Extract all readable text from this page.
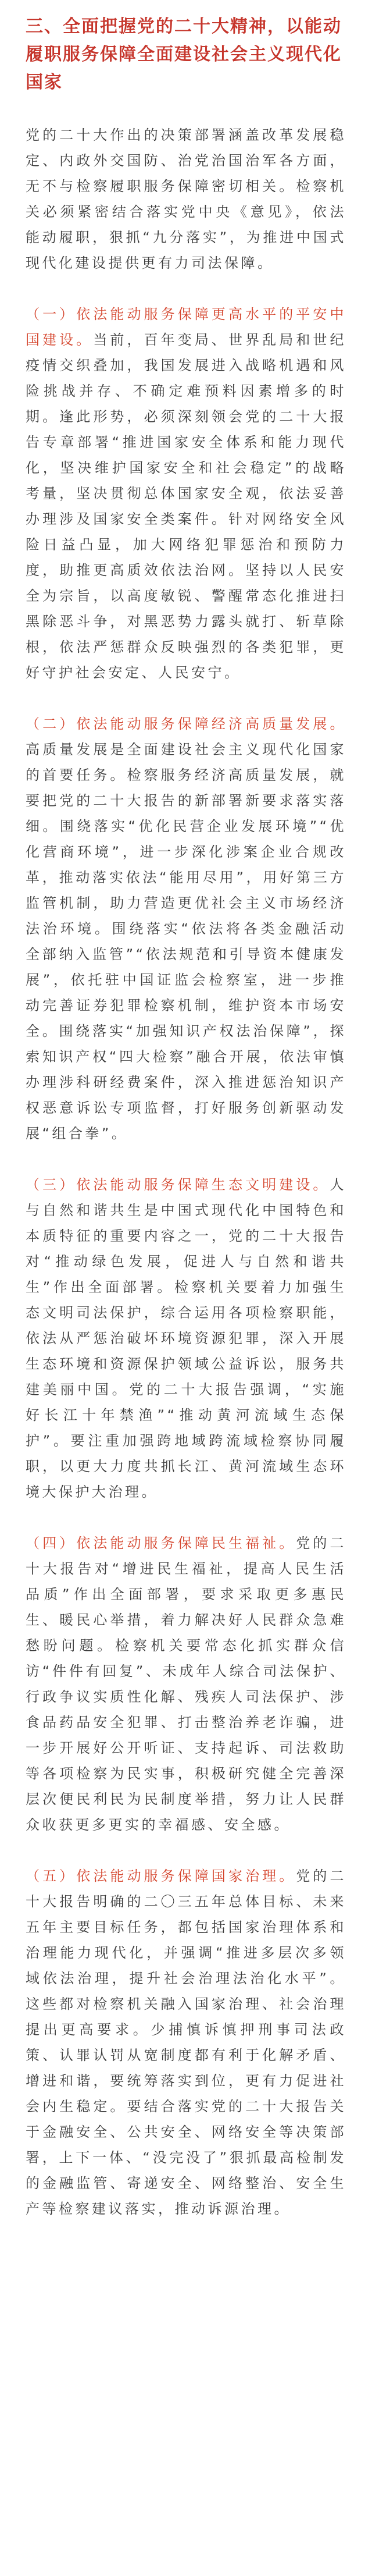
三、全面把握党的二十大精神，以能动履职服务保障全面建设社会主义现代化国家

党的二十大作出的决策部署涵盖改革发展稳定、内政外交国防、治党治国治军各方面，无不与检察履职服务保障密切相关。检察机关必须紧密结合落实党中央《意见》，依法能动履职，狠抓“九分落实”，为推进中国式现代化建设提供更有力司法保障。

（一）依法能动服务保障更高水平的平安中国建设。当前，百年变局、世界乱局和世纪疫情交织叠加，我国发展进入战略机遇和风险挑战并存、不确定难预料因素增多的时期。逢此形势，必须深刻领会党的二十大报告专章部署“推进国家安全体系和能力现代化，坚决维护国家安全和社会稳定”的战略考量，坚决贯彻总体国家安全观，依法妥善办理涉及国家安全类案件。针对网络安全风险日益凸显，加大网络犯罪惩治和预防力度，助推更高质效依法治网。坚持以人民安全为宗旨，以高度敏锐、警醒常态化推进扫黑除恶斗争，对黑恶势力露头就打、斩草除根，依法严惩群众反映强烈的各类犯罪，更好守护社会安定、人民安宁。

（二）依法能动服务保障经济高质量发展。高质量发展是全面建设社会主义现代化国家的首要任务。检察服务经济高质量发展，就要把党的二十大报告的新部署新要求落实落细。围绕落实“优化民营企业发展环境”“优化营商环境”，进一步深化涉案企业合规改革，推动落实依法“能用尽用”，用好第三方监管机制，助力营造更优社会主义市场经济法治环境。围绕落实“依法将各类金融活动全部纳入监管”“依法规范和引导资本健康发展”，依托驻中国证监会检察室，进一步推动完善证券犯罪检察机制，维护资本市场安全。围绕落实“加强知识产权法治保障”，探索知识产权“四大检察”融合开展，依法审慎办理涉科研经费案件，深入推进惩治知识产权恶意诉讼专项监督，打好服务创新驱动发展“组合拳”。

（三）依法能动服务保障生态文明建设。人与自然和谐共生是中国式现代化中国特色和本质特征的重要内容之一，党的二十大报告对“推动绿色发展，促进人与自然和谐共生”作出全面部署。检察机关要着力加强生态文明司法保护，综合运用各项检察职能，依法从严惩治破坏环境资源犯罪，深入开展生态环境和资源保护领域公益诉讼，服务共建美丽中国。党的二十大报告强调，“实施好长江十年禁渔”“推动黄河流域生态保护”。要注重加强跨地域跨流域检察协同履职，以更大力度共抓长江、黄河流域生态环境大保护大治理。

（四）依法能动服务保障民生福祉。党的二十大报告对“增进民生福祉，提高人民生活品质”作出全面部署，要求采取更多惠民生、暖民心举措，着力解决好人民群众急难愁盼问题。检察机关要常态化抓实群众信访“件件有回复”、未成年人综合司法保护、行政争议实质性化解、残疾人司法保护、涉食品药品安全犯罪、打击整治养老诈骗，进一步开展好公开听证、支持起诉、司法救助等各项检察为民实事，积极研究健全完善深层次便民利民为民制度举措，努力让人民群众收获更多更实的幸福感、安全感。

（五）依法能动服务保障国家治理。党的二十大报告明确的二〇三五年总体目标、未来五年主要目标任务，都包括国家治理体系和治理能力现代化，并强调“推进多层次多领域依法治理，提升社会治理法治化水平”。这些都对检察机关融入国家治理、社会治理提出更高要求。少捕慎诉慎押刑事司法政策、认罪认罚从宽制度都有利于化解矛盾、增进和谐，要统筹落实到位，更有力促进社会内生稳定。要结合落实党的二十大报告关于金融安全、公共安全、网络安全等决策部署，上下一体、“没完没了”狠抓最高检制发的金融监管、寄递安全、网络整治、安全生产等检察建议落实，推动诉源治理。
